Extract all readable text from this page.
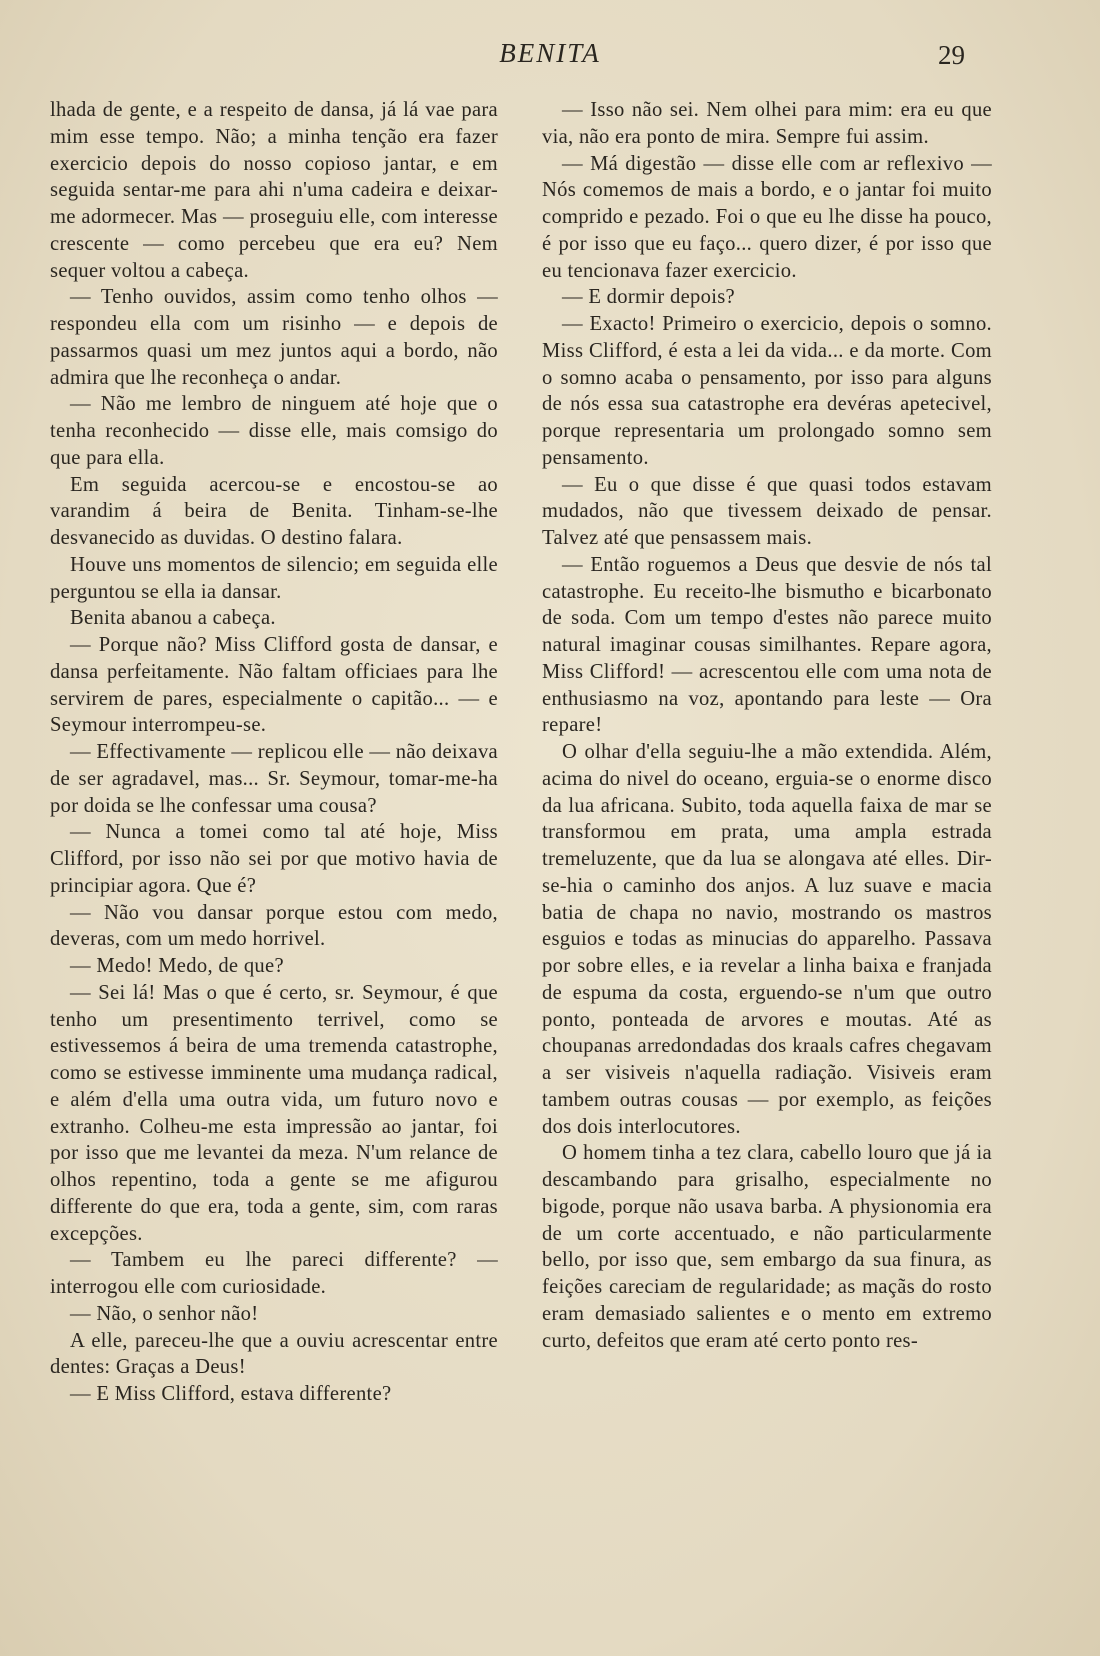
BENITA	29

lhada de gente, e a respeito de dansa, já lá vae para mim esse tempo. Não; a minha tenção era fazer exercicio depois do nosso copioso jantar, e em seguida sentar-me para ahi n'uma cadeira e deixar-me adormecer. Mas — proseguiu elle, com interesse crescente — como percebeu que era eu? Nem sequer voltou a cabeça.

— Tenho ouvidos, assim como tenho olhos — respondeu ella com um risinho — e depois de passarmos quasi um mez juntos aqui a bordo, não admira que lhe reconheça o andar.

— Não me lembro de ninguem até hoje que o tenha reconhecido — disse elle, mais comsigo do que para ella.

Em seguida acercou-se e encostou-se ao varandim á beira de Benita. Tinham-se-lhe desvanecido as duvidas. O destino falara.

Houve uns momentos de silencio; em seguida elle perguntou se ella ia dansar.

Benita abanou a cabeça.

— Porque não? Miss Clifford gosta de dansar, e dansa perfeitamente. Não faltam officiaes para lhe servirem de pares, especialmente o capitão... — e Seymour interrompeu-se.

— Effectivamente — replicou elle — não deixava de ser agradavel, mas... Sr. Seymour, tomar-me-ha por doida se lhe confessar uma cousa?

— Nunca a tomei como tal até hoje, Miss Clifford, por isso não sei por que motivo havia de principiar agora. Que é?

— Não vou dansar porque estou com medo, deveras, com um medo horrivel.

— Medo! Medo, de que?

— Sei lá! Mas o que é certo, sr. Seymour, é que tenho um presentimento terrivel, como se estivessemos á beira de uma tremenda catastrophe, como se estivesse imminente uma mudança radical, e além d'ella uma outra vida, um futuro novo e extranho. Colheu-me esta impressão ao jantar, foi por isso que me levantei da meza. N'um relance de olhos repentino, toda a gente se me afigurou differente do que era, toda a gente, sim, com raras excepções.

— Tambem eu lhe pareci differente? — interrogou elle com curiosidade.

— Não, o senhor não!

A elle, pareceu-lhe que a ouviu acrescentar entre dentes: Graças a Deus!

— E Miss Clifford, estava differente?

— Isso não sei. Nem olhei para mim: era eu que via, não era ponto de mira. Sempre fui assim.

— Má digestão — disse elle com ar reflexivo — Nós comemos de mais a bordo, e o jantar foi muito comprido e pezado. Foi o que eu lhe disse ha pouco, é por isso que eu faço... quero dizer, é por isso que eu tencionava fazer exercicio.

— E dormir depois?

— Exacto! Primeiro o exercicio, depois o somno. Miss Clifford, é esta a lei da vida... e da morte. Com o somno acaba o pensamento, por isso para alguns de nós essa sua catastrophe era devéras apetecivel, porque representaria um prolongado somno sem pensamento.

— Eu o que disse é que quasi todos estavam mudados, não que tivessem deixado de pensar. Talvez até que pensassem mais.

— Então roguemos a Deus que desvie de nós tal catastrophe. Eu receito-lhe bismutho e bicarbonato de soda. Com um tempo d'estes não parece muito natural imaginar cousas similhantes. Repare agora, Miss Clifford! — acrescentou elle com uma nota de enthusiasmo na voz, apontando para leste — Ora repare!

O olhar d'ella seguiu-lhe a mão extendida. Além, acima do nivel do oceano, erguia-se o enorme disco da lua africana. Subito, toda aquella faixa de mar se transformou em prata, uma ampla estrada tremeluzente, que da lua se alongava até elles. Dir-se-hia o caminho dos anjos. A luz suave e macia batia de chapa no navio, mostrando os mastros esguios e todas as minucias do apparelho. Passava por sobre elles, e ia revelar a linha baixa e franjada de espuma da costa, erguendo-se n'um que outro ponto, ponteada de arvores e moutas. Até as choupanas arredondadas dos kraals cafres chegavam a ser visiveis n'aquella radiação. Visiveis eram tambem outras cousas — por exemplo, as feições dos dois interlocutores.

O homem tinha a tez clara, cabello louro que já ia descambando para grisalho, especialmente no bigode, porque não usava barba. A physionomia era de um corte accentuado, e não particularmente bello, por isso que, sem embargo da sua finura, as feições careciam de regularidade; as maçãs do rosto eram demasiado salientes e o mento em extremo curto, defeitos que eram até certo ponto res-
